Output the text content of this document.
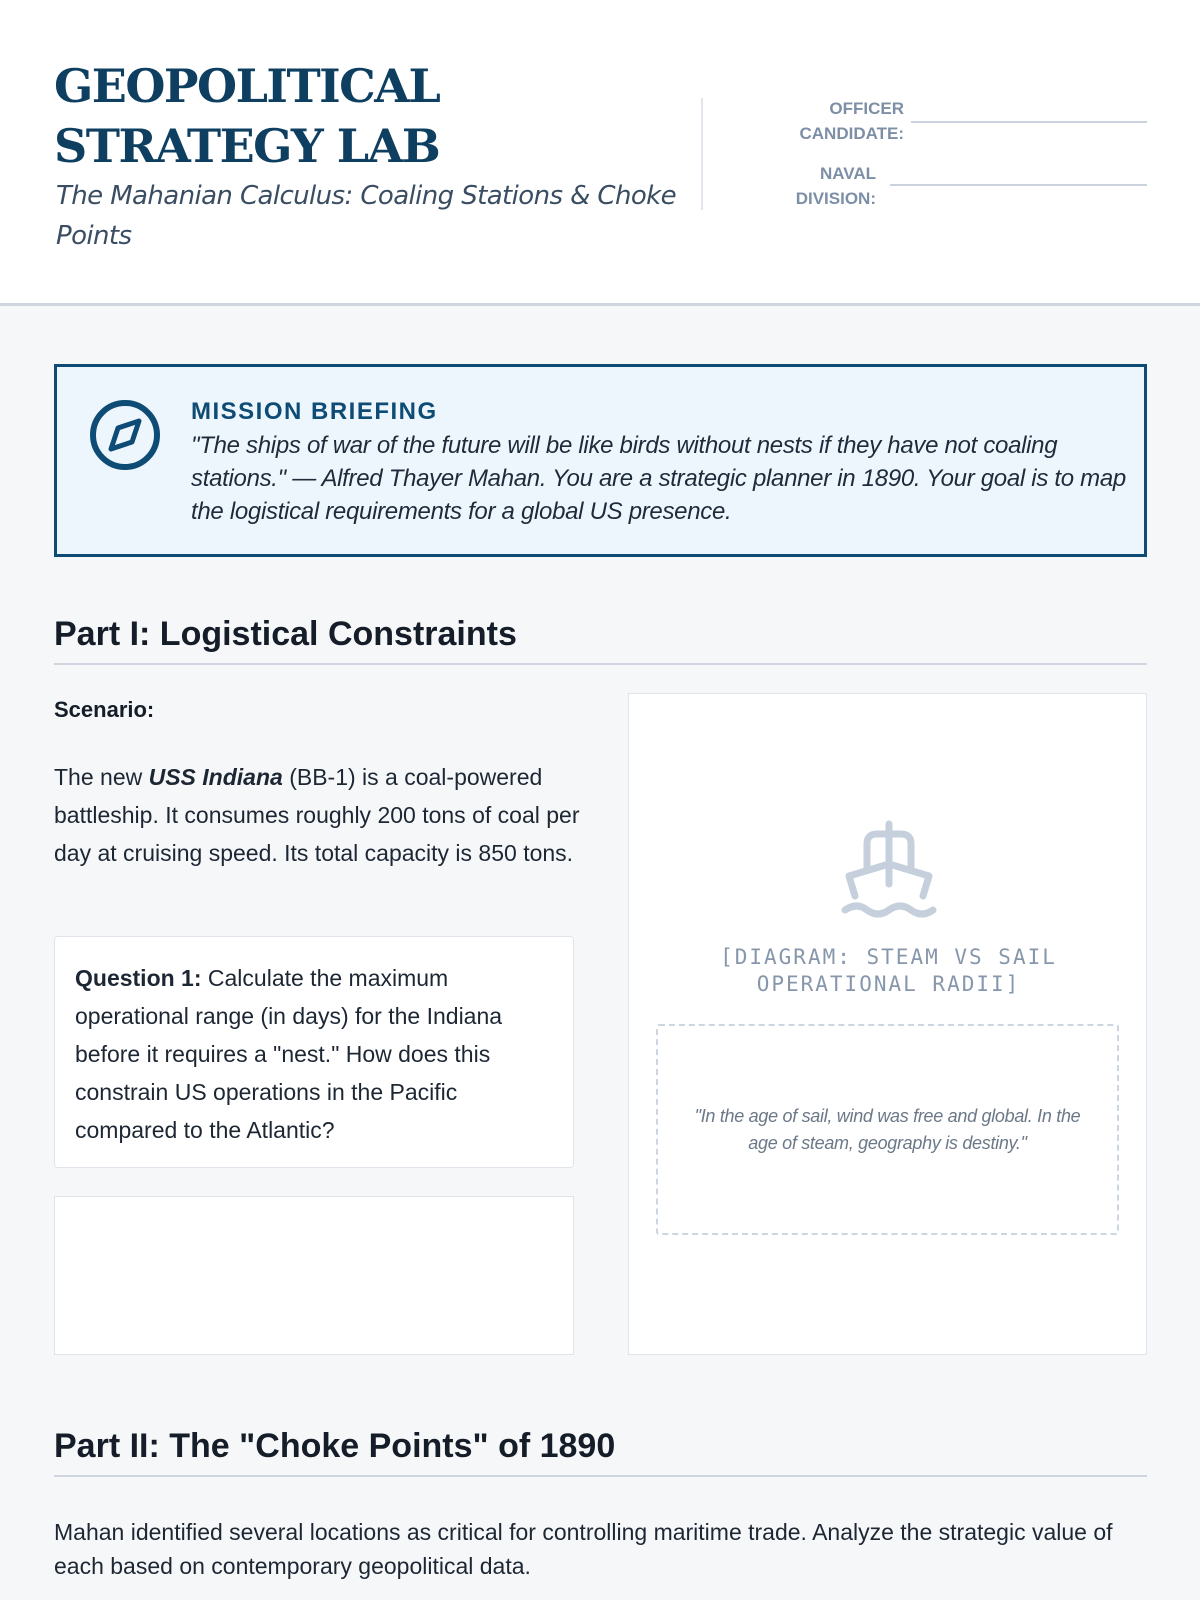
GEOPOLITICAL STRATEGY LAB

The Mahanian Calculus: Coaling Stations & Choke Points

OFFICER CANDIDATE:
NAVAL DIVISION:
MISSION BRIEFING

"The ships of war of the future will be like birds without nests if they have not coaling stations." — Alfred Thayer Mahan. You are a strategic planner in 1890. Your goal is to map the logistical requirements for a global US presence.

Part I: Logistical Constraints
Scenario:

The new USS Indiana (BB-1) is a coal-powered battleship. It consumes roughly 200 tons of coal per day at cruising speed. Its total capacity is 850 tons.

Question 1: Calculate the maximum operational range (in days) for the Indiana before it requires a "nest." How does this constrain US operations in the Pacific compared to the Atlantic?

[DIAGRAM: STEAM VS SAIL OPERATIONAL RADII]

"In the age of sail, wind was free and global. In the age of steam, geography is destiny."

Part II: The "Choke Points" of 1890

Mahan identified several locations as critical for controlling maritime trade. Analyze the strategic value of each based on contemporary geopolitical data.
